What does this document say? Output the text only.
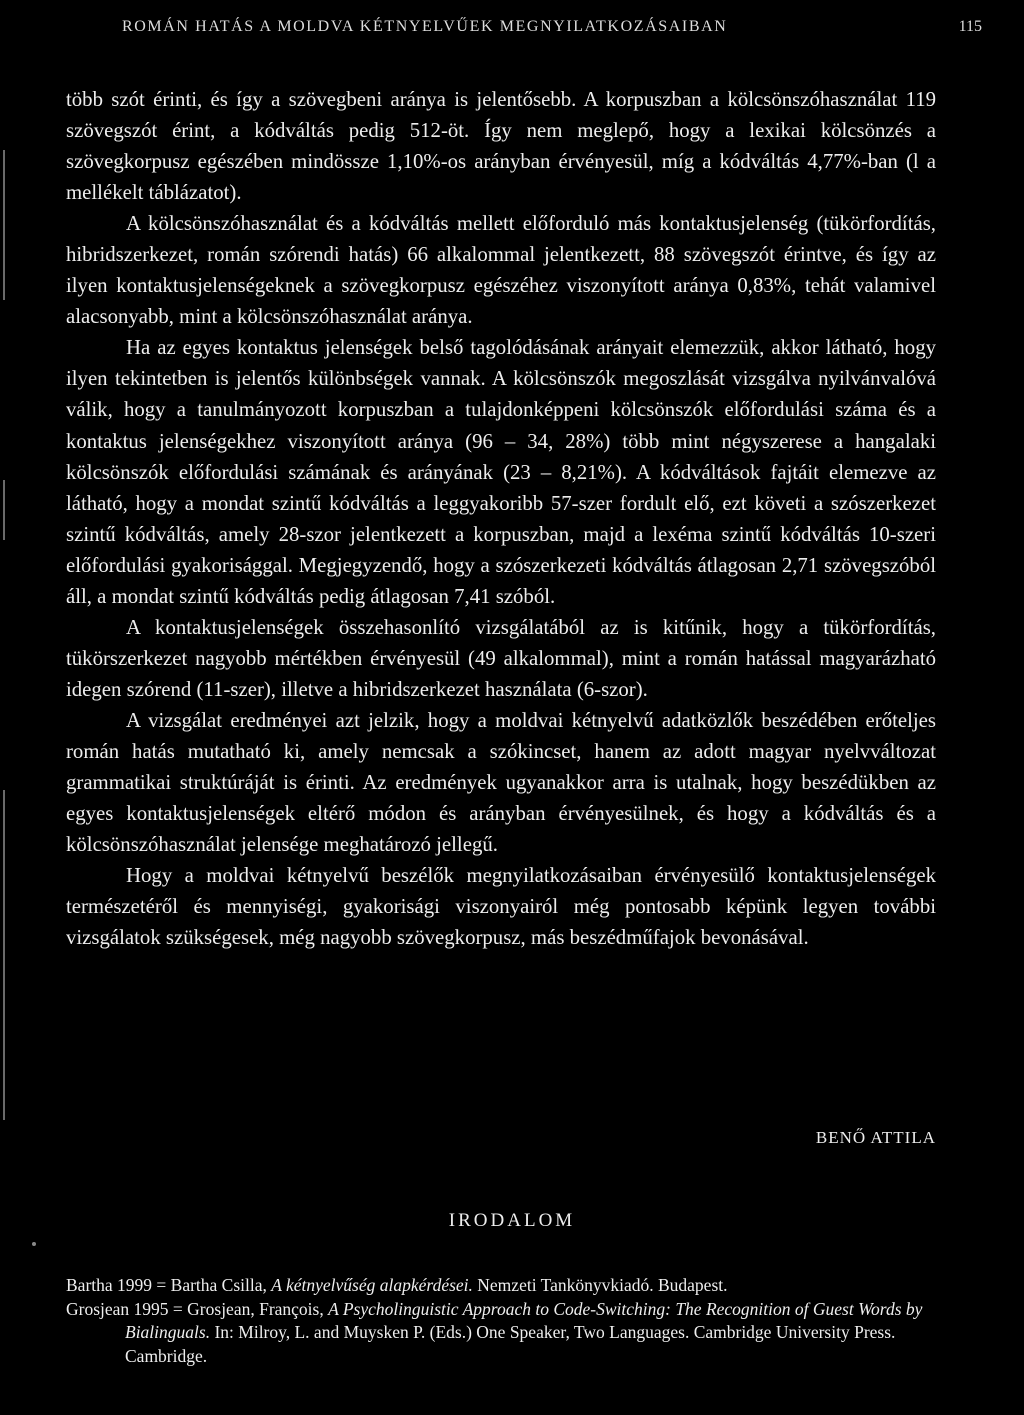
ROMÁN HATÁS A MOLDVA KÉTNYELVŰEK MEGNYILATKOZÁSAIBAN	115

több szót érinti, és így a szövegbeni aránya is jelentősebb. A korpuszban a kölcsönszóhasználat 119 szövegszót érint, a kódváltás pedig 512-öt. Így nem meglepő, hogy a lexikai kölcsönzés a szövegkorpusz egészében mindössze 1,10%-os arányban érvényesül, míg a kódváltás 4,77%-ban (l a mellékelt táblázatot).

A kölcsönszóhasználat és a kódváltás mellett előforduló más kontaktusjelenség (tükörfordítás, hibridszerkezet, román szórendi hatás) 66 alkalommal jelentkezett, 88 szövegszót érintve, és így az ilyen kontaktusjelenségeknek a szövegkorpusz egészéhez viszonyított aránya 0,83%, tehát valamivel alacsonyabb, mint a kölcsönszóhasználat aránya.

Ha az egyes kontaktus jelenségek belső tagolódásának arányait elemezzük, akkor látható, hogy ilyen tekintetben is jelentős különbségek vannak. A kölcsönszók megoszlását vizsgálva nyilvánvalóvá válik, hogy a tanulmányozott korpuszban a tulajdonképpeni kölcsönszók előfordulási száma és a kontaktus jelenségekhez viszonyított aránya (96 – 34, 28%) több mint négyszerese a hangalaki kölcsönszók előfordulási számának és arányának (23 – 8,21%). A kódváltások fajtáit elemezve az látható, hogy a mondat szintű kódváltás a leggyakoribb 57-szer fordult elő, ezt követi a szószerkezet szintű kódváltás, amely 28-szor jelentkezett a korpuszban, majd a lexéma szintű kódváltás 10-szeri előfordulási gyakorisággal. Megjegyzendő, hogy a szószerkezeti kódváltás átlagosan 2,71 szövegszóból áll, a mondat szintű kódváltás pedig átlagosan 7,41 szóból.

A kontaktusjelenségek összehasonlító vizsgálatából az is kitűnik, hogy a tükörfordítás, tükörszerkezet nagyobb mértékben érvényesül (49 alkalommal), mint a román hatással magyarázható idegen szórend (11-szer), illetve a hibridszerkezet használata (6-szor).

A vizsgálat eredményei azt jelzik, hogy a moldvai kétnyelvű adatközlők beszédében erőteljes román hatás mutatható ki, amely nemcsak a szókincset, hanem az adott magyar nyelvváltozat grammatikai struktúráját is érinti. Az eredmények ugyanakkor arra is utalnak, hogy beszédükben az egyes kontaktusjelenségek eltérő módon és arányban érvényesülnek, és hogy a kódváltás és a kölcsönszóhasználat jelensége meghatározó jellegű.

Hogy a moldvai kétnyelvű beszélők megnyilatkozásaiban érvényesülő kontaktusjelenségek természetéről és mennyiségi, gyakorisági viszonyairól még pontosabb képünk legyen további vizsgálatok szükségesek, még nagyobb szövegkorpusz, más beszédműfajok bevonásával.

BENŐ ATTILA
IRODALOM
Bartha 1999 = Bartha Csilla, A kétnyelvűség alapkérdései. Nemzeti Tankönyvkiadó. Budapest.
Grosjean 1995 = Grosjean, François, A Psycholinguistic Approach to Code-Switching: The Recognition of Guest Words by Bialinguals. In: Milroy, L. and Muysken P. (Eds.) One Speaker, Two Languages. Cambridge University Press. Cambridge.
